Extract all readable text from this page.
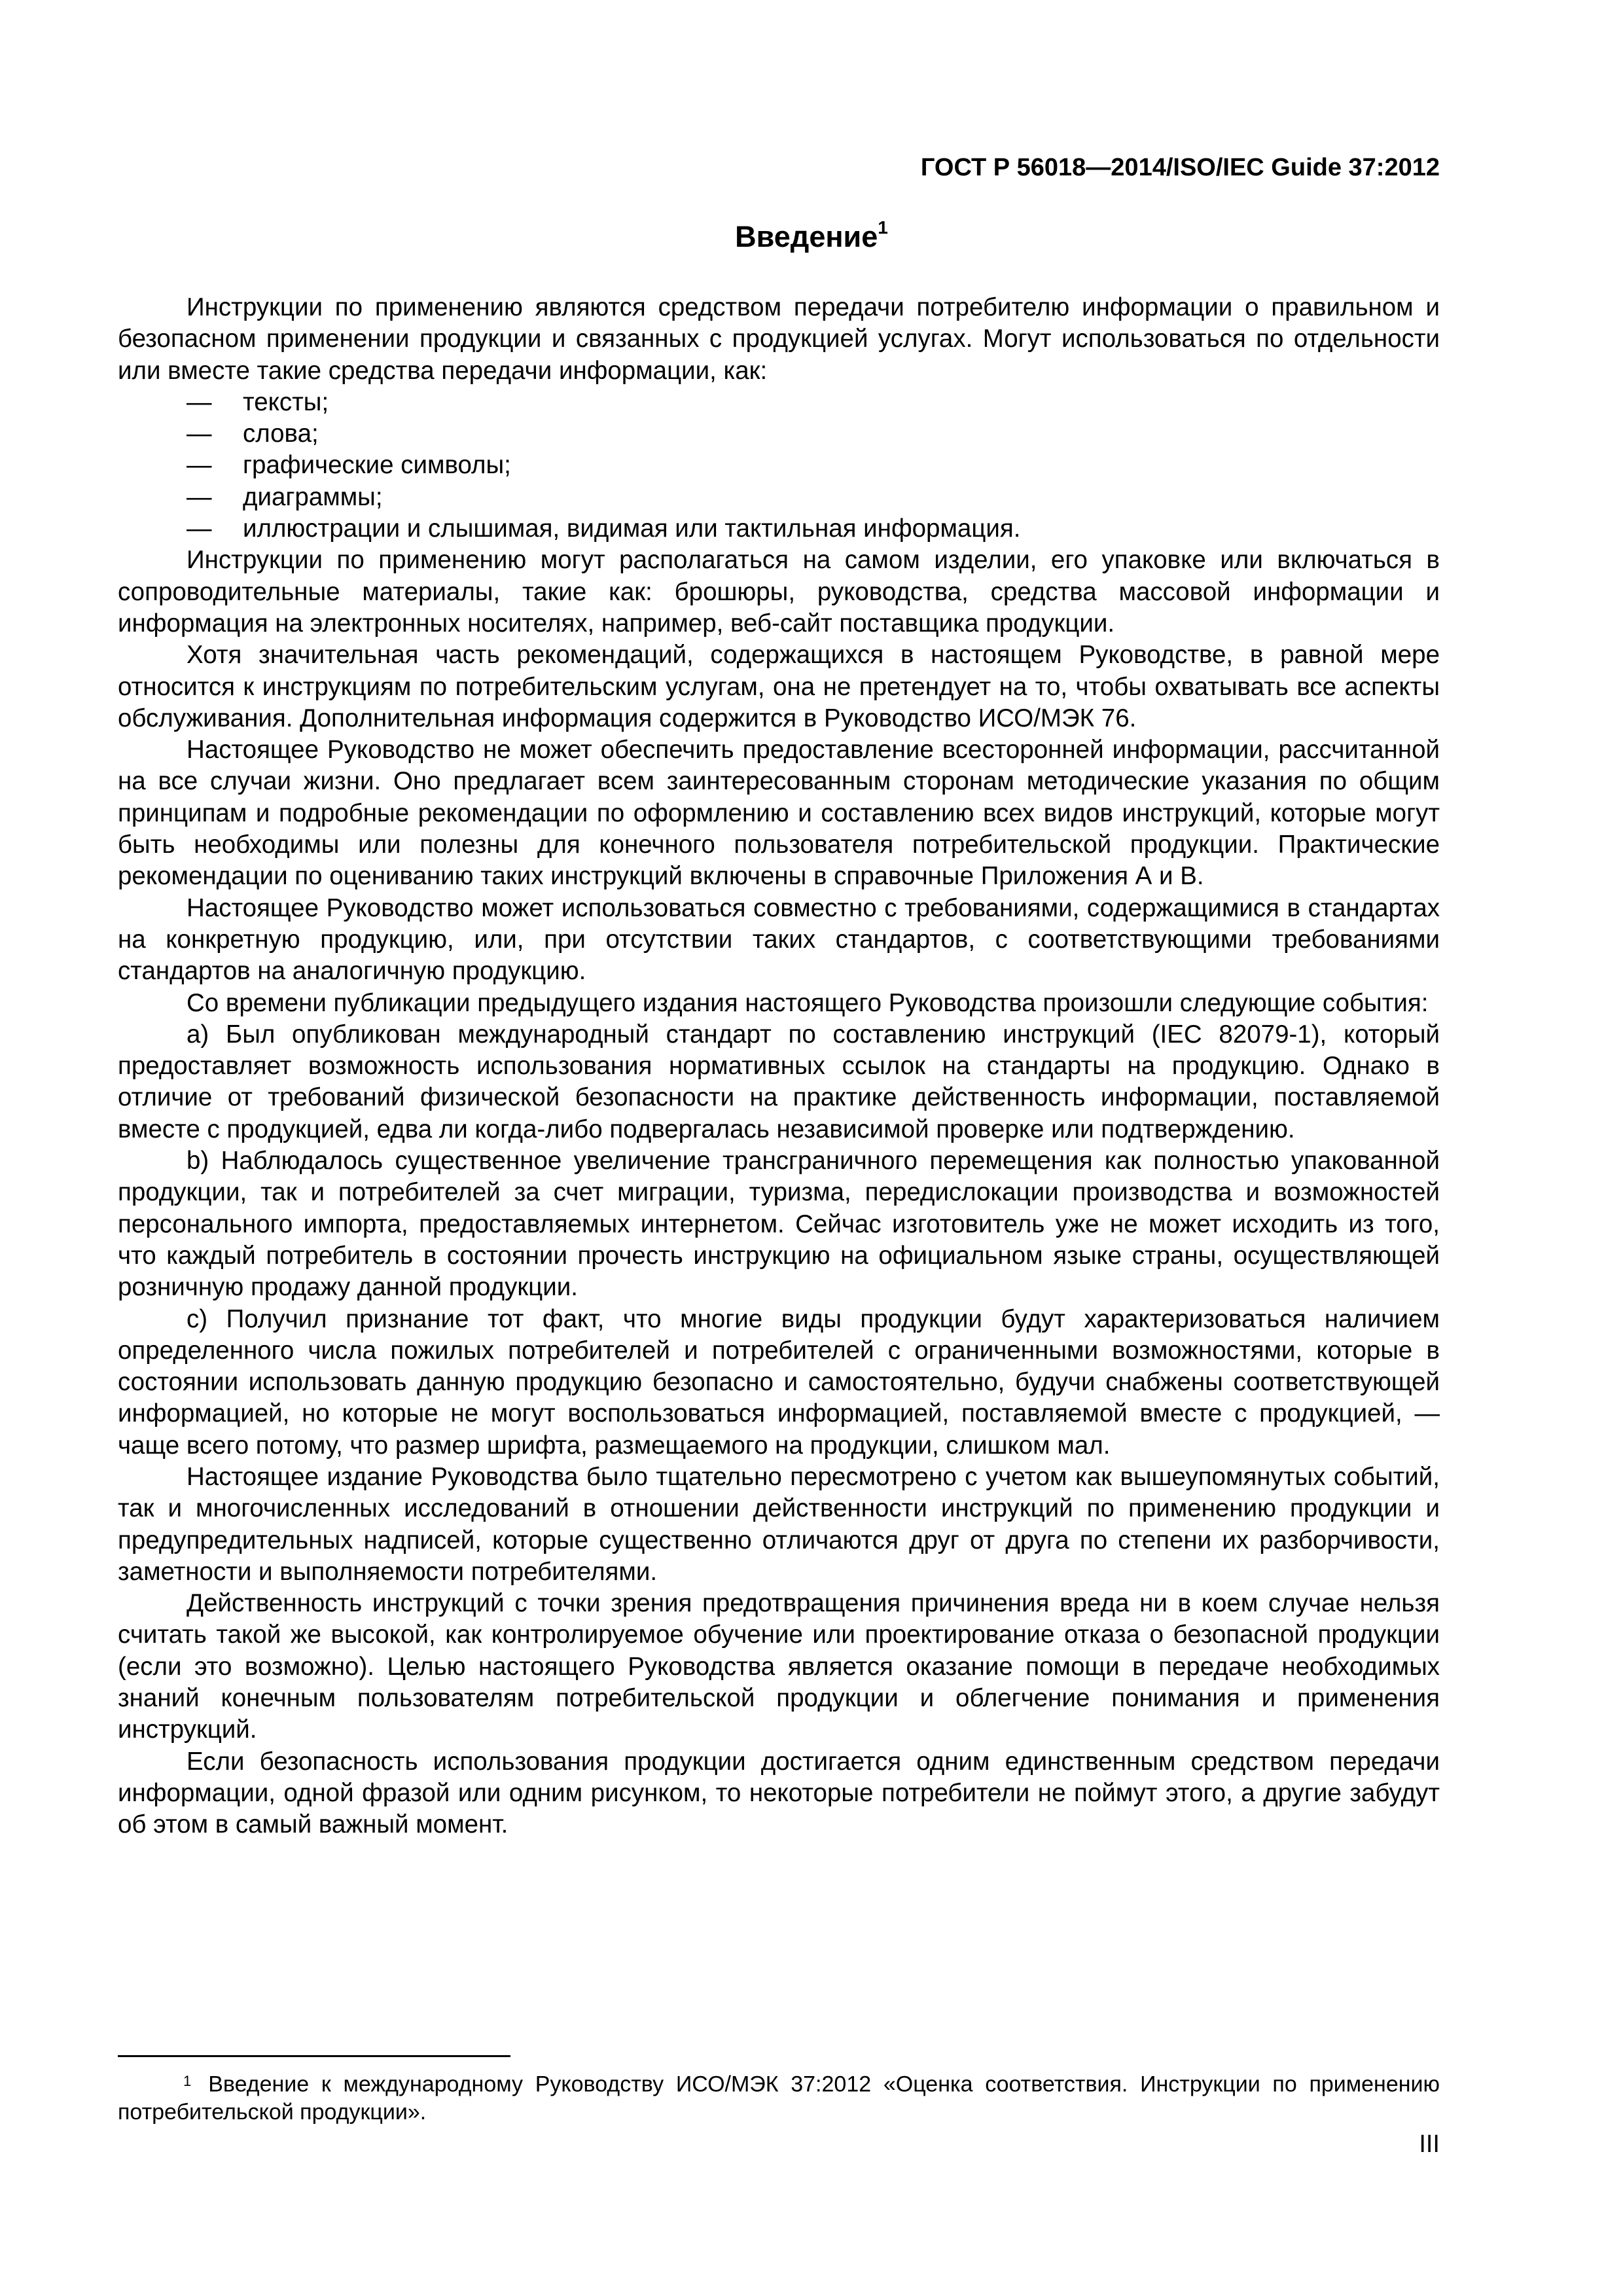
ГОСТ Р 56018—2014/ISO/IEC Guide 37:2012
Введение$^1$

Инструкции по применению являются средством передачи потребителю информации о правильном и безопасном применении продукции и связанных с продукцией услугах. Могут использоваться по отдельности или вместе такие средства передачи информации, как:

— тексты;
— слова;
— графические символы;
— диаграммы;
— иллюстрации и слышимая, видимая или тактильная информация.

Инструкции по применению могут располагаться на самом изделии, его упаковке или включаться в сопроводительные материалы, такие как: брошюры, руководства, средства массовой информации и информация на электронных носителях, например, веб-сайт поставщика продукции.

Хотя значительная часть рекомендаций, содержащихся в настоящем Руководстве, в равной мере относится к инструкциям по потребительским услугам, она не претендует на то, чтобы охватывать все аспекты обслуживания. Дополнительная информация содержится в Руководство ИСО/МЭК 76.

Настоящее Руководство не может обеспечить предоставление всесторонней информации, рассчитанной на все случаи жизни. Оно предлагает всем заинтересованным сторонам методические указания по общим принципам и подробные рекомендации по оформлению и составлению всех видов инструкций, которые могут быть необходимы или полезны для конечного пользователя потребительской продукции. Практические рекомендации по оцениванию таких инструкций включены в справочные Приложения А и В.

Настоящее Руководство может использоваться совместно с требованиями, содержащимися в стандартах на конкретную продукцию, или, при отсутствии таких стандартов, с соответствующими требованиями стандартов на аналогичную продукцию.

Со времени публикации предыдущего издания настоящего Руководства произошли следующие события:

а) Был опубликован международный стандарт по составлению инструкций (IEC 82079-1), который предоставляет возможность использования нормативных ссылок на стандарты на продукцию. Однако в отличие от требований физической безопасности на практике действенность информации, поставляемой вместе с продукцией, едва ли когда-либо подвергалась независимой проверке или подтверждению.

b) Наблюдалось существенное увеличение трансграничного перемещения как полностью упакованной продукции, так и потребителей за счет миграции, туризма, передислокации производства и возможностей персонального импорта, предоставляемых интернетом. Сейчас изготовитель уже не может исходить из того, что каждый потребитель в состоянии прочесть инструкцию на официальном языке страны, осуществляющей розничную продажу данной продукции.

с) Получил признание тот факт, что многие виды продукции будут характеризоваться наличием определенного числа пожилых потребителей и потребителей с ограниченными возможностями, которые в состоянии использовать данную продукцию безопасно и самостоятельно, будучи снабжены соответствующей информацией, но которые не могут воспользоваться информацией, поставляемой вместе с продукцией, — чаще всего потому, что размер шрифта, размещаемого на продукции, слишком мал.

Настоящее издание Руководства было тщательно пересмотрено с учетом как вышеупомянутых событий, так и многочисленных исследований в отношении действенности инструкций по применению продукции и предупредительных надписей, которые существенно отличаются друг от друга по степени их разборчивости, заметности и выполняемости потребителями.

Действенность инструкций с точки зрения предотвращения причинения вреда ни в коем случае нельзя считать такой же высокой, как контролируемое обучение или проектирование отказа о безопасной продукции (если это возможно). Целью настоящего Руководства является оказание помощи в передаче необходимых знаний конечным пользователям потребительской продукции и облегчение понимания и применения инструкций.

Если безопасность использования продукции достигается одним единственным средством передачи информации, одной фразой или одним рисунком, то некоторые потребители не поймут этого, а другие забудут об этом в самый важный момент.

$^1$ Введение к международному Руководству ИСО/МЭК 37:2012 «Оценка соответствия. Инструкции по применению потребительской продукции».
III
